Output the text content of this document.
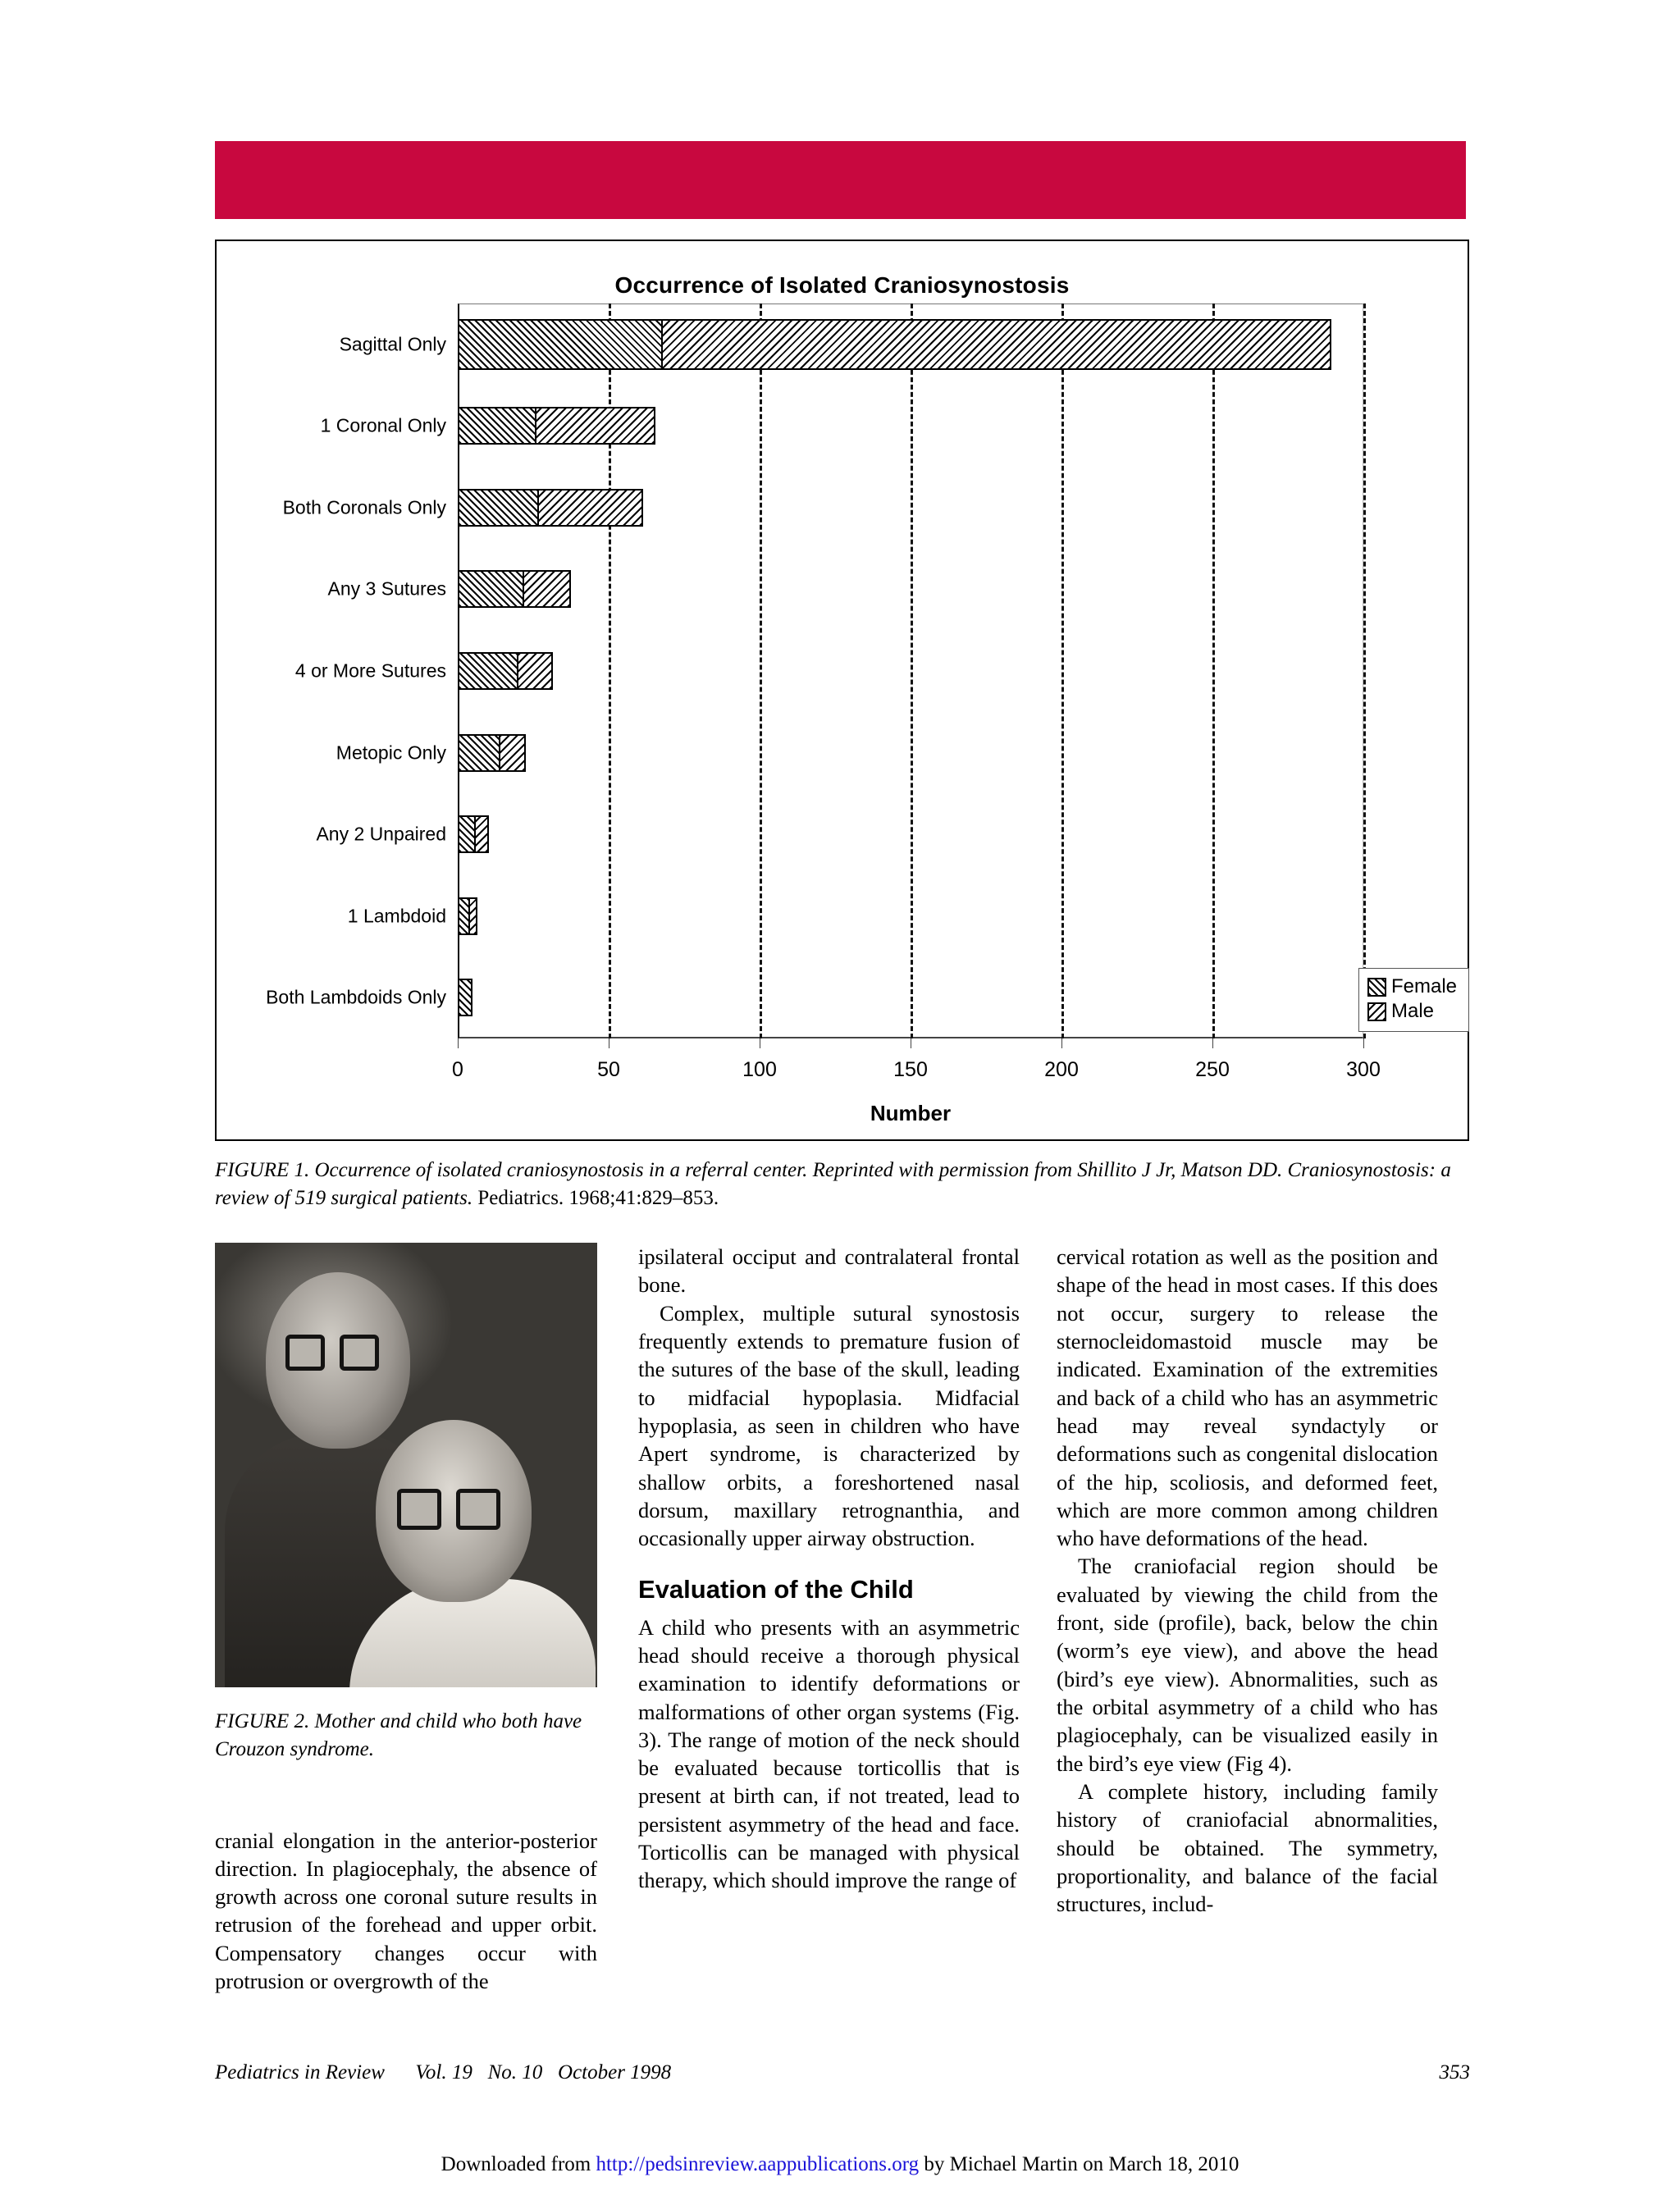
Occurrence of Isolated Craniosynostosis
Sagittal Only
1 Coronal Only
Both Coronals Only
Any 3 Sutures
4 or More Sutures
Metopic Only
Any 2 Unpaired
1 Lambdoid
Both Lambdoids Only
0	50	100	150	200	250	300
Number
Female
Male
FIGURE 1. Occurrence of isolated craniosynostosis in a referral center. Reprinted with permission from Shillito J Jr, Matson DD. Craniosynostosis: a review of 519 surgical patients. Pediatrics. 1968;41:829–853.
FIGURE 2. Mother and child who both have Crouzon syndrome.

cranial elongation in the anterior-posterior direction. In plagiocephaly, the absence of growth across one coronal suture results in retrusion of the forehead and upper orbit. Compensatory changes occur with protrusion or overgrowth of the

ipsilateral occiput and contralateral frontal bone.

Complex, multiple sutural synostosis frequently extends to premature fusion of the sutures of the base of the skull, leading to midfacial hypoplasia. Midfacial hypoplasia, as seen in children who have Apert syndrome, is characterized by shallow orbits, a foreshortened nasal dorsum, maxillary retrognanthia, and occasionally upper airway obstruction.

Evaluation of the Child

A child who presents with an asymmetric head should receive a thorough physical examination to identify deformations or malformations of other organ systems (Fig. 3). The range of motion of the neck should be evaluated because torticollis that is present at birth can, if not treated, lead to persistent asymmetry of the head and face. Torticollis can be managed with physical therapy, which should improve the range of

cervical rotation as well as the position and shape of the head in most cases. If this does not occur, surgery to release the sternocleidomastoid muscle may be indicated. Examination of the extremities and back of a child who has an asymmetric head may reveal syndactyly or deformations such as congenital dislocation of the hip, scoliosis, and deformed feet, which are more common among children who have deformations of the head.

The craniofacial region should be evaluated by viewing the child from the front, side (profile), back, below the chin (worm’s eye view), and above the head (bird’s eye view). Abnormalities, such as the orbital asymmetry of a child who has plagiocephaly, can be visualized easily in the bird’s eye view (Fig 4).

A complete history, including family history of craniofacial abnormalities, should be obtained. The symmetry, proportionality, and balance of the facial structures, includ-

Pediatrics in Review Vol. 19   No. 10   October 1998	353
Downloaded from http://pedsinreview.aappublications.org by Michael Martin on March 18, 2010
